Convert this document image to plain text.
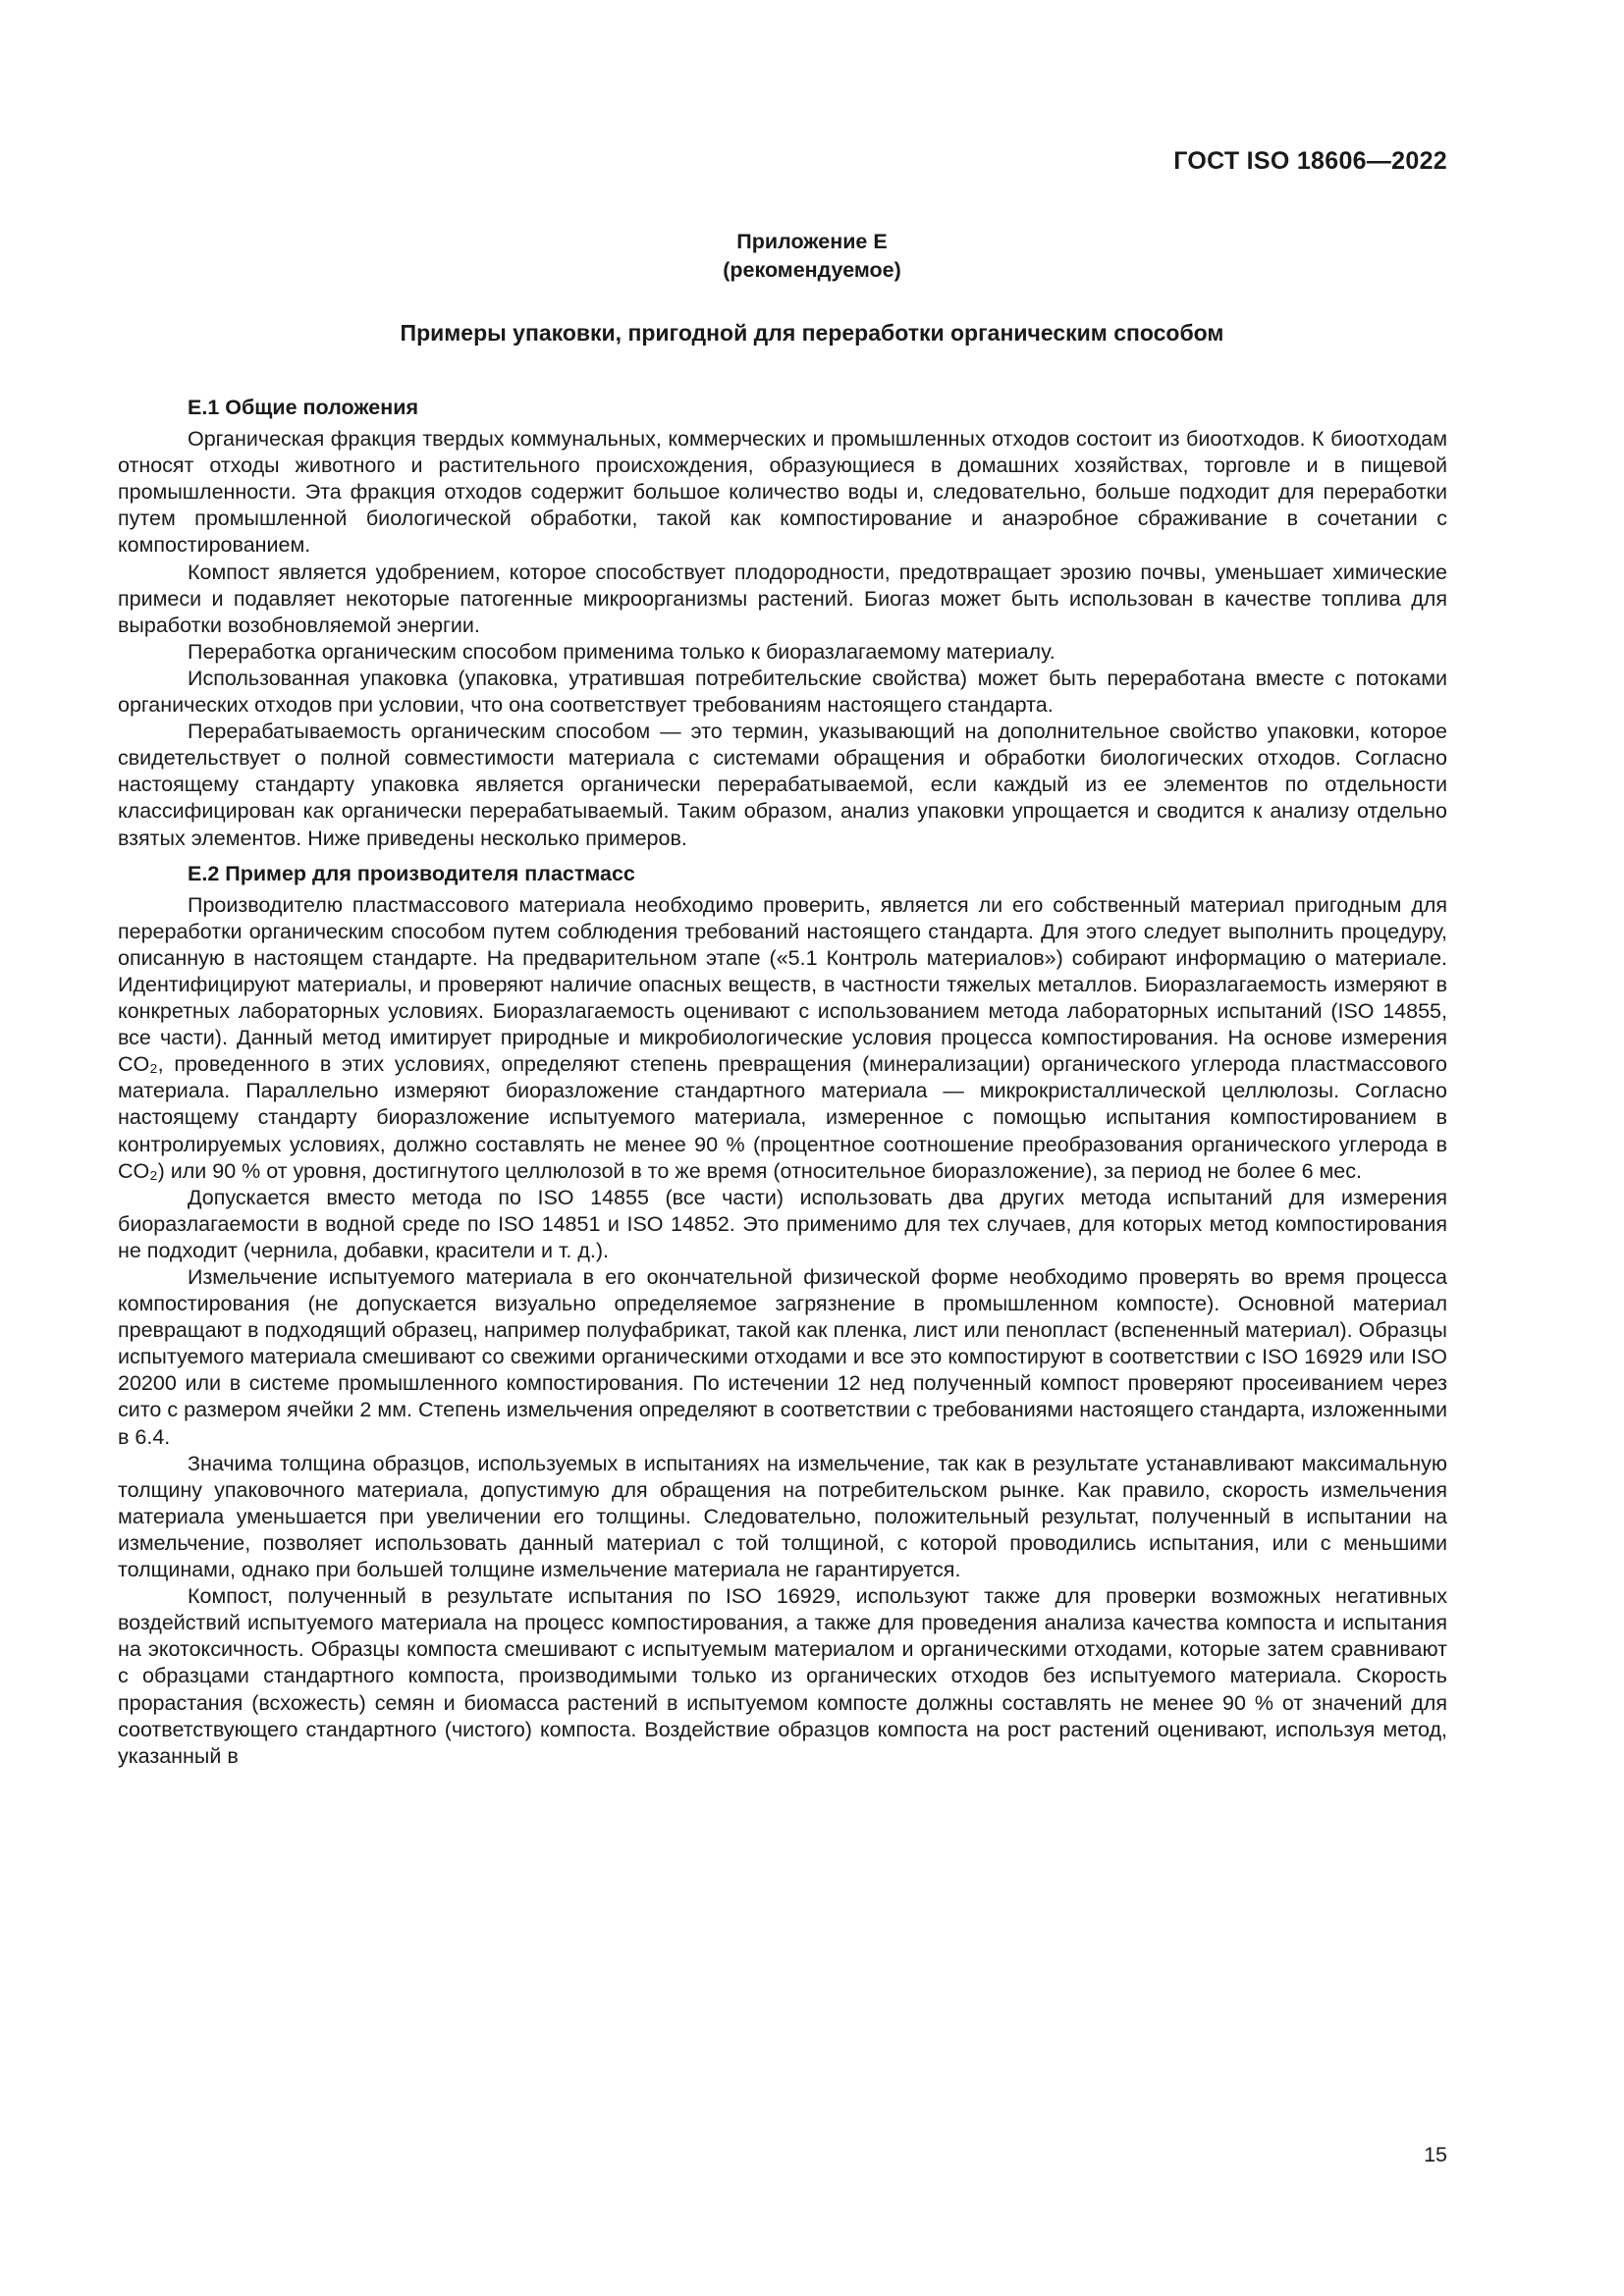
ГОСТ ISO 18606—2022
Приложение Е
(рекомендуемое)
Примеры упаковки, пригодной для переработки органическим способом
Е.1 Общие положения

Органическая фракция твердых коммунальных, коммерческих и промышленных отходов состоит из биоотходов. К биоотходам относят отходы животного и растительного происхождения, образующиеся в домашних хозяйствах, торговле и в пищевой промышленности. Эта фракция отходов содержит большое количество воды и, следовательно, больше подходит для переработки путем промышленной биологической обработки, такой как компостирование и анаэробное сбраживание в сочетании с компостированием.

Компост является удобрением, которое способствует плодородности, предотвращает эрозию почвы, уменьшает химические примеси и подавляет некоторые патогенные микроорганизмы растений. Биогаз может быть использован в качестве топлива для выработки возобновляемой энергии.

Переработка органическим способом применима только к биоразлагаемому материалу.

Использованная упаковка (упаковка, утратившая потребительские свойства) может быть переработана вместе с потоками органических отходов при условии, что она соответствует требованиям настоящего стандарта.

Перерабатываемость органическим способом — это термин, указывающий на дополнительное свойство упаковки, которое свидетельствует о полной совместимости материала с системами обращения и обработки биологических отходов. Согласно настоящему стандарту упаковка является органически перерабатываемой, если каждый из ее элементов по отдельности классифицирован как органически перерабатываемый. Таким образом, анализ упаковки упрощается и сводится к анализу отдельно взятых элементов. Ниже приведены несколько примеров.

Е.2 Пример для производителя пластмасс

Производителю пластмассового материала необходимо проверить, является ли его собственный материал пригодным для переработки органическим способом путем соблюдения требований настоящего стандарта. Для этого следует выполнить процедуру, описанную в настоящем стандарте. На предварительном этапе («5.1 Контроль материалов») собирают информацию о материале. Идентифицируют материалы, и проверяют наличие опасных веществ, в частности тяжелых металлов. Биоразлагаемость измеряют в конкретных лабораторных условиях. Биоразлагаемость оценивают с использованием метода лабораторных испытаний (ISO 14855, все части). Данный метод имитирует природные и микробиологические условия процесса компостирования. На основе измерения CO₂, проведенного в этих условиях, определяют степень превращения (минерализации) органического углерода пластмассового материала. Параллельно измеряют биоразложение стандартного материала — микрокристаллической целлюлозы. Согласно настоящему стандарту биоразложение испытуемого материала, измеренное с помощью испытания компостированием в контролируемых условиях, должно составлять не менее 90 % (процентное соотношение преобразования органического углерода в CO₂) или 90 % от уровня, достигнутого целлюлозой в то же время (относительное биоразложение), за период не более 6 мес.

Допускается вместо метода по ISO 14855 (все части) использовать два других метода испытаний для измерения биоразлагаемости в водной среде по ISO 14851 и ISO 14852. Это применимо для тех случаев, для которых метод компостирования не подходит (чернила, добавки, красители и т. д.).

Измельчение испытуемого материала в его окончательной физической форме необходимо проверять во время процесса компостирования (не допускается визуально определяемое загрязнение в промышленном компосте). Основной материал превращают в подходящий образец, например полуфабрикат, такой как пленка, лист или пенопласт (вспененный материал). Образцы испытуемого материала смешивают со свежими органическими отходами и все это компостируют в соответствии с ISO 16929 или ISO 20200 или в системе промышленного компостирования. По истечении 12 нед полученный компост проверяют просеиванием через сито с размером ячейки 2 мм. Степень измельчения определяют в соответствии с требованиями настоящего стандарта, изложенными в 6.4.

Значима толщина образцов, используемых в испытаниях на измельчение, так как в результате устанавливают максимальную толщину упаковочного материала, допустимую для обращения на потребительском рынке. Как правило, скорость измельчения материала уменьшается при увеличении его толщины. Следовательно, положительный результат, полученный в испытании на измельчение, позволяет использовать данный материал с той толщиной, с которой проводились испытания, или с меньшими толщинами, однако при большей толщине измельчение материала не гарантируется.

Компост, полученный в результате испытания по ISO 16929, используют также для проверки возможных негативных воздействий испытуемого материала на процесс компостирования, а также для проведения анализа качества компоста и испытания на экотоксичность. Образцы компоста смешивают с испытуемым материалом и органическими отходами, которые затем сравнивают с образцами стандартного компоста, производимыми только из органических отходов без испытуемого материала. Скорость прорастания (всхожесть) семян и биомасса растений в испытуемом компосте должны составлять не менее 90 % от значений для соответствующего стандартного (чистого) компоста. Воздействие образцов компоста на рост растений оценивают, используя метод, указанный в

15
